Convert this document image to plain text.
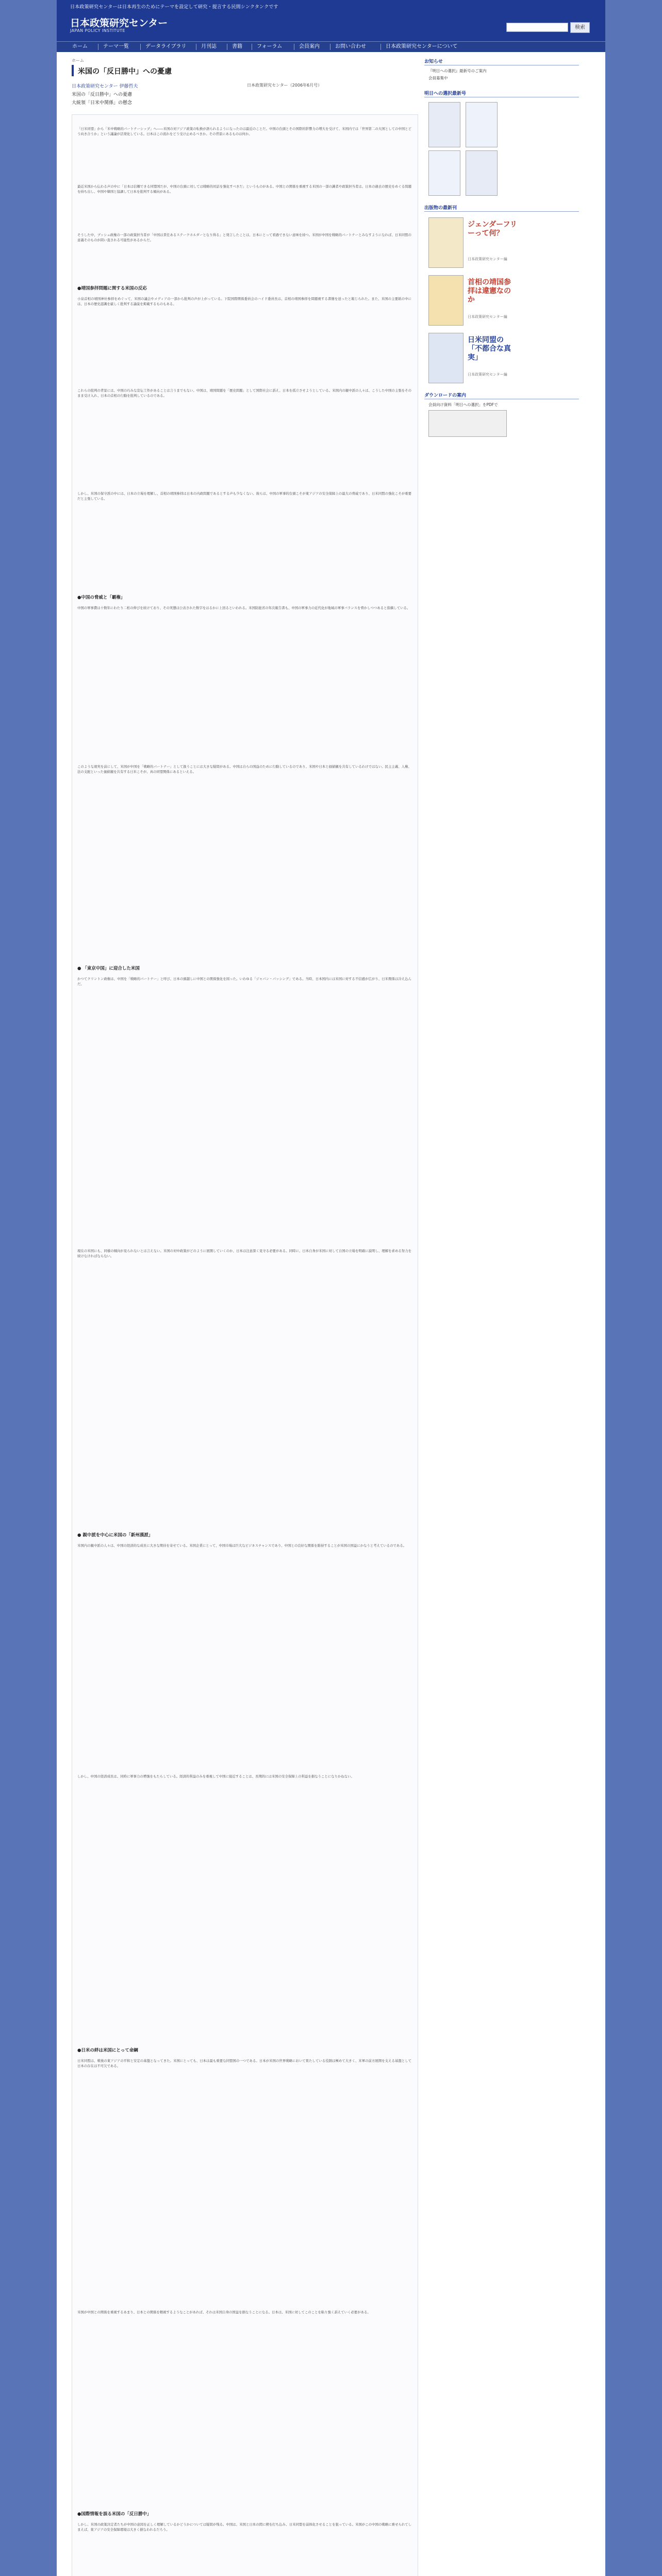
日本政策研究センターは日本再生のためにテーマを設定して研究・提言する民間シンクタンクです
日本政策研究センター
JAPAN POLICY INSTITUTE
検索
ホーム	テーマ一覧	データライブラリ	月刊誌	書籍	フォーラム	会員案内	お問い合わせ	日本政策研究センターについて
ホーム
米国の「反日勝中」への憂慮
日本政策研究センター 伊藤哲夫	日本政策研究センター（2006年6月号）
米国の「反日勝中」への憂慮
大統領「日米中関係」の懸念
「日米同盟」から「米中戦略的パートナーシップ」へ――米国の対アジア政策の転換が語られるようになったのは最近のことだ。中国の台頭とその国際的影響力の増大を受けて、米国内では「世界第二の大国としての中国とどう向き合うか」という議論が活発化している。日本はこの流れをどう受け止めるべきか。その背景にあるものは何か。
最近米国から伝わる声の中に「日本は信頼できる同盟国だが、中国の台頭に対しては戦略的対話を強化すべきだ」というものがある。中国との関係を重視する米国の一部の識者や政策担当者は、日本の過去の歴史をめぐる問題を持ち出し、中国や韓国と協調して日本を批判する傾向がある。
そうした中、ブッシュ政権の一部の政策担当者が「中国は責任あるステークホルダーとなり得る」と発言したことは、日本にとって看過できない意味を持つ。米国が中国を戦略的パートナーとみなすようになれば、日米同盟の意義そのものが問い直される可能性があるからだ。
●靖国参拝問題に関する米国の反応
小泉首相の靖国神社参拝をめぐって、米国の議会やメディアの一部から批判の声が上がっている。下院国際関係委員会のハイド委員長は、首相の靖国参拝を問題視する書簡を送ったと報じられた。また、米国の主要紙の中には、日本の歴史認識を厳しく批判する論説を掲載するものもある。
これらの批判の背景には、中国の巧みな宣伝工作があることは言うまでもない。中国は、靖国問題を「歴史問題」として国際社会に訴え、日本を孤立させようとしている。米国内の親中派の人々は、こうした中国の主張をそのまま受け入れ、日本の首相の行動を批判しているのである。
しかし、米国の保守派の中には、日本の立場を理解し、首相の靖国参拝は日本の内政問題であるとする声も少なくない。彼らは、中国の軍事的台頭こそが東アジアの安全保障上の最大の脅威であり、日米同盟の強化こそが重要だと主張している。
●中国の脅威と「覇権」
中国の軍事費は十数年にわたり二桁の伸びを続けており、その実態は公表された数字をはるかに上回るといわれる。米国防総省の年次報告書も、中国の軍事力の近代化が地域の軍事バランスを脅かしつつあると指摘している。
このような現実を前にして、米国が中国を「戦略的パートナー」として扱うことには大きな疑問がある。中国は自らの国益のために行動しているのであり、米国や日本と価値観を共有しているわけではない。民主主義、人権、法の支配といった価値観を共有する日米こそが、真の同盟関係にあるといえる。
● 「東京中国」に迎合した米国
かつてクリントン政権は、中国を「戦略的パートナー」と呼び、日本の頭越しに中国との関係強化を図った。いわゆる「ジャパン・パッシング」である。当時、日本国内には米国に対する不信感が広がり、日米関係は冷え込んだ。
現在の米国にも、同様の傾向が見られないとは言えない。米国の対中政策がどのように展開していくのか、日本は注意深く見守る必要がある。同時に、日本自身が米国に対して自国の立場を明確に説明し、理解を求める努力を続けなければならない。
● 親中派を中心に米国の「新州漢派」
米国内の親中派の人々は、中国の経済的な成長に大きな期待を寄せている。米国企業にとって、中国市場は巨大なビジネスチャンスであり、中国との良好な関係を維持することが米国の国益にかなうと考えているのである。
しかし、中国の経済成長は、同時に軍事力の増強をもたらしている。経済的利益のみを重視して中国に接近することは、長期的には米国の安全保障上の利益を損なうことになりかねない。
●日米の絆は米国にとって命綱
日米同盟は、戦後の東アジアの平和と安定の基盤となってきた。米国にとっても、日本は最も重要な同盟国の一つである。日本が米国の世界戦略において果たしている役割は極めて大きく、米軍の前方展開を支える基盤として日本の存在は不可欠である。
米国が中国との関係を重視するあまり、日本との関係を軽視するようなことがあれば、それは米国自身の国益を損なうことになる。日本は、米国に対してこのことを粘り強く訴えていく必要がある。
●国際情報を誤る米国の「反日勝中」
しかし、米国の政策決定者たちが中国の意図を正しく理解しているかどうかについては疑問が残る。中国は、米国と日本の間に楔を打ち込み、日米同盟を弱体化させることを狙っている。米国がこの中国の戦略に乗せられてしまえば、東アジアの安全保障環境は大きく損なわれるだろう。
お知らせ
『明日への選択』最新号のご案内
会員募集中
明日への選択最新号
出版物の最新刊
ジェンダーフリーって何？
日本政策研究センター編
首相の靖国参拝は違憲なのか
日本政策研究センター編
日米同盟の「不都合な真実」
日本政策研究センター編
ダウンロードの案内
会員向け資料「明日への選択」をPDFで
